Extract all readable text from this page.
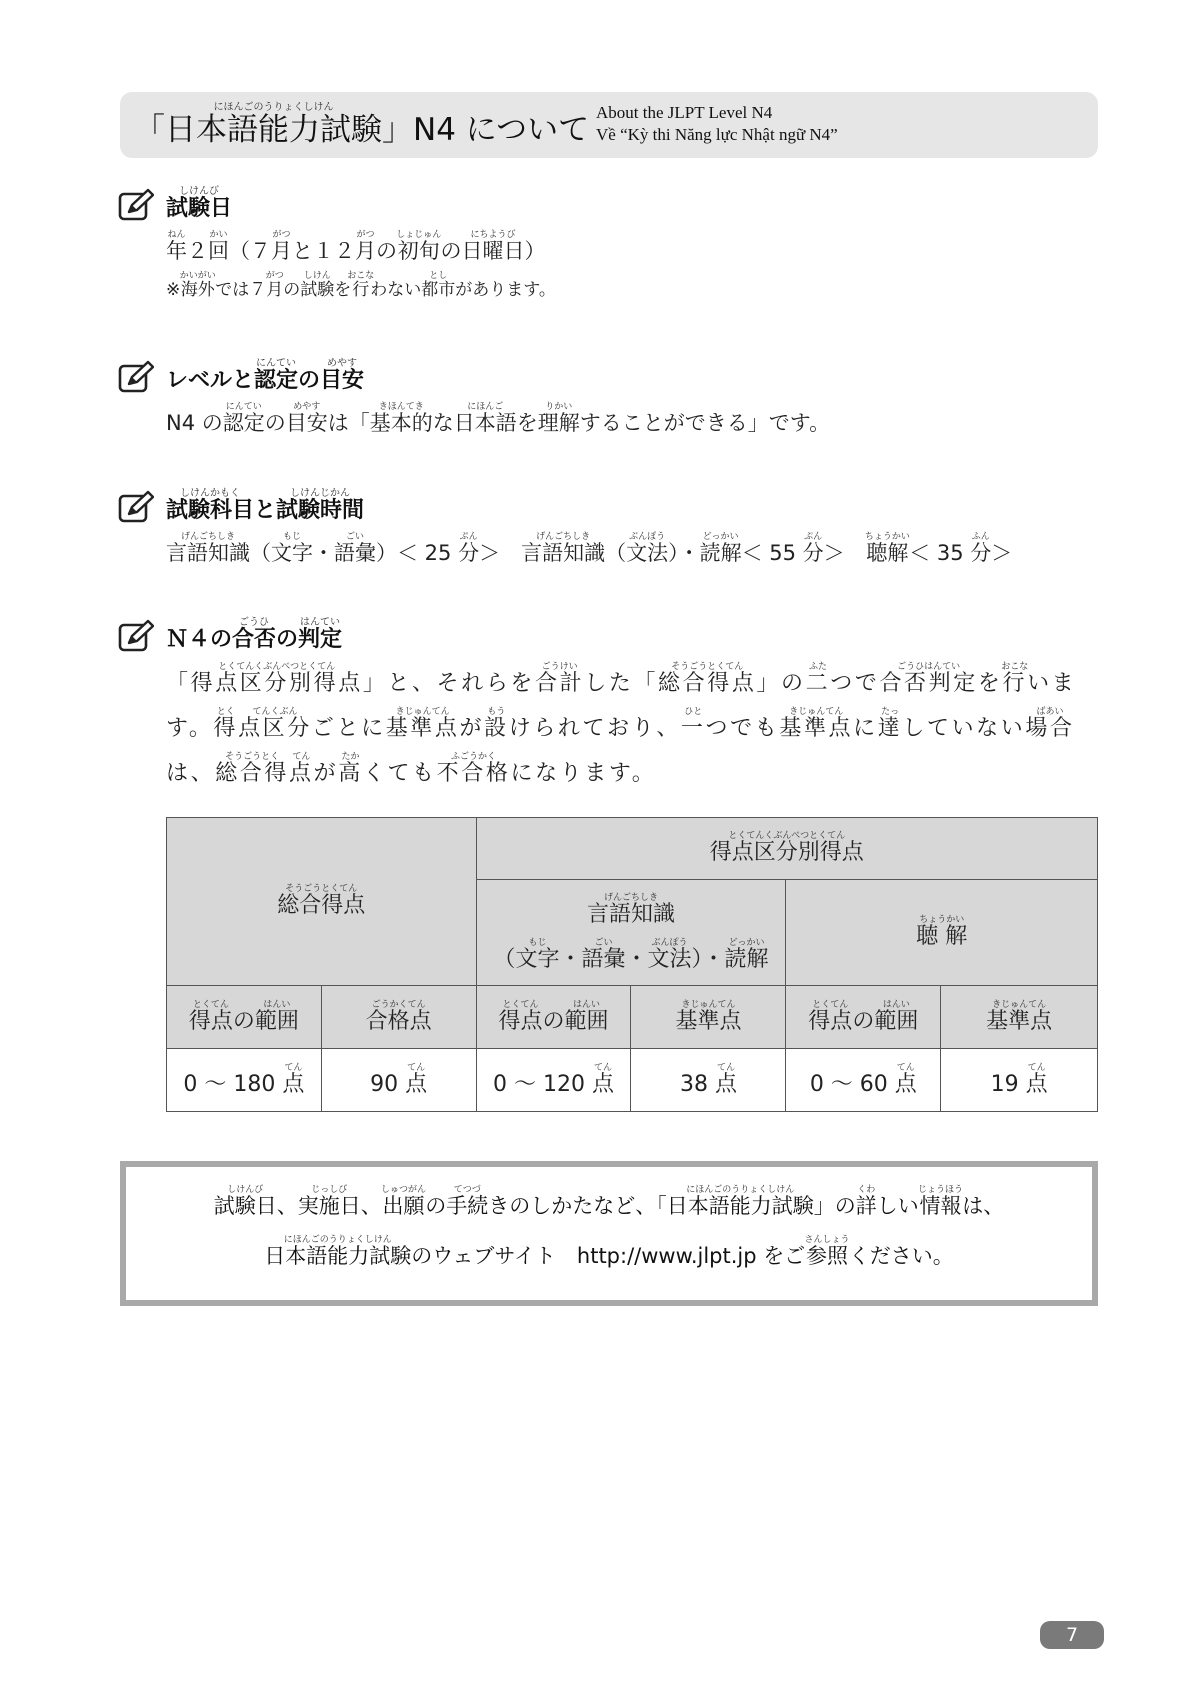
「日本語能力試験にほんごのうりょくしけん」N4 について About the JLPT Level N4
Về “Kỳ thi Năng lực Nhật ngữ N4”
試験日しけんび

年ねん２回かい（７月がつと１２月がつの初旬しょじゅんの日曜日にちようび）

※海外かいがいでは７月がつの試験しけんを行おこなわない都市としがあります。

レベルと認定にんていの目安めやす

N4 の認定にんていの目安めやすは「基本的きほんてきな日本語にほんごを理解りかいすることができる」です。

試験科目しけんかもくと試験時間しけんじかん

言語知識げんごちしき（文字もじ・語彙ごい）＜ 25 分ぷん＞　 言語知識げんごちしき（文法ぶんぽう）・読解どっかい＜ 55 分ぷん＞　 聴解ちょうかい＜ 35 分ふん＞

Ｎ４の合否ごうひの判定はんてい

「得点区分別得点とくてんくぶんべつとくてん」と、それらを合計ごうけいした「総合得点そうごうとくてん」の二ふたつで合否判定ごうひはんていを行おこないます。得とく点区分てんくぶんごとに基準点きじゅんてんが設もうけられており、一ひとつでも基準点きじゅんてんに達たっしていない場合ばあいは、総合得そうごうとく点てんが高たかくても不合格ふごうかくになります。

総合得点そうごうとくてん		得点区分別得点とくてんくぶんべつとくてん			

		言語知識げんごちしき
（文字もじ・語彙ごい・文法ぶんぽう）・読解どっかい		聴 解ちょうかい	
得点とくてんの範囲はんい	合格点ごうかくてん	得点とくてんの範囲はんい	基準点きじゅんてん	得点とくてんの範囲はんい	基準点きじゅんてん
0 ～ 180 点てん	90 点てん	0 ～ 120 点てん	38 点てん	0 ～ 60 点てん	19 点てん

試験日しけんび、実施日じっしび、出願しゅつがんの手続てつづきのしかたなど、「日本語能力試験にほんごのうりょくしけん」の詳くわしい情報じょうほうは、

日本語能力試験にほんごのうりょくしけんのウェブサイト　http://www.jlpt.jp をご参照さんしょうください。

7
